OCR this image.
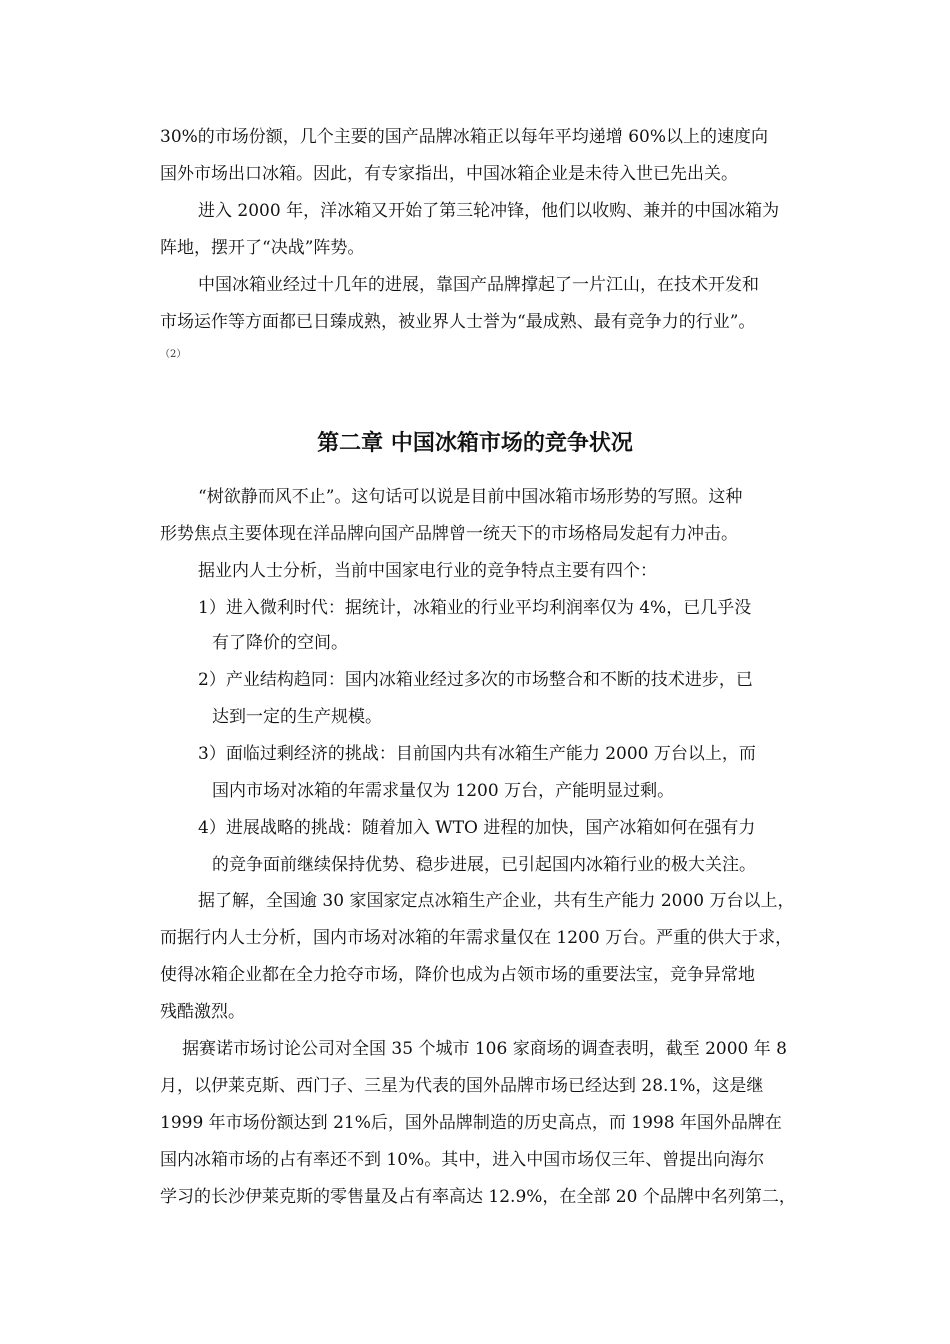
30%的市场份额，几个主要的国产品牌冰箱正以每年平均递增 60%以上的速度向
国外市场出口冰箱。因此，有专家指出，中国冰箱企业是未待入世已先出关。
进入 2000 年，洋冰箱又开始了第三轮冲锋，他们以收购、兼并的中国冰箱为
阵地，摆开了“决战”阵势。
中国冰箱业经过十几年的进展，靠国产品牌撑起了一片江山，在技术开发和
市场运作等方面都已日臻成熟，被业界人士誉为“最成熟、最有竞争力的行业”。
（2）
第二章 中国冰箱市场的竞争状况
“树欲静而风不止”。这句话可以说是目前中国冰箱市场形势的写照。这种
形势焦点主要体现在洋品牌向国产品牌曾一统天下的市场格局发起有力冲击。
据业内人士分析，当前中国家电行业的竞争特点主要有四个：
1）进入微利时代：据统计，冰箱业的行业平均利润率仅为 4%，已几乎没
有了降价的空间。
2）产业结构趋同：国内冰箱业经过多次的市场整合和不断的技术进步，已
达到一定的生产规模。
3）面临过剩经济的挑战：目前国内共有冰箱生产能力 2000 万台以上，而
国内市场对冰箱的年需求量仅为 1200 万台，产能明显过剩。
4）进展战略的挑战：随着加入 WTO 进程的加快，国产冰箱如何在强有力
的竞争面前继续保持优势、稳步进展，已引起国内冰箱行业的极大关注。
据了解，全国逾 30 家国家定点冰箱生产企业，共有生产能力 2000 万台以上，
而据行内人士分析，国内市场对冰箱的年需求量仅在 1200 万台。严重的供大于求，
使得冰箱企业都在全力抢夺市场，降价也成为占领市场的重要法宝，竞争异常地
残酷激烈。
据赛诺市场讨论公司对全国 35 个城市 106 家商场的调查表明，截至 2000 年 8
月，以伊莱克斯、西门子、三星为代表的国外品牌市场已经达到 28.1%，这是继
1999 年市场份额达到 21%后，国外品牌制造的历史高点，而 1998 年国外品牌在
国内冰箱市场的占有率还不到 10%。其中，进入中国市场仅三年、曾提出向海尔
学习的长沙伊莱克斯的零售量及占有率高达 12.9%，在全部 20 个品牌中名列第二，
